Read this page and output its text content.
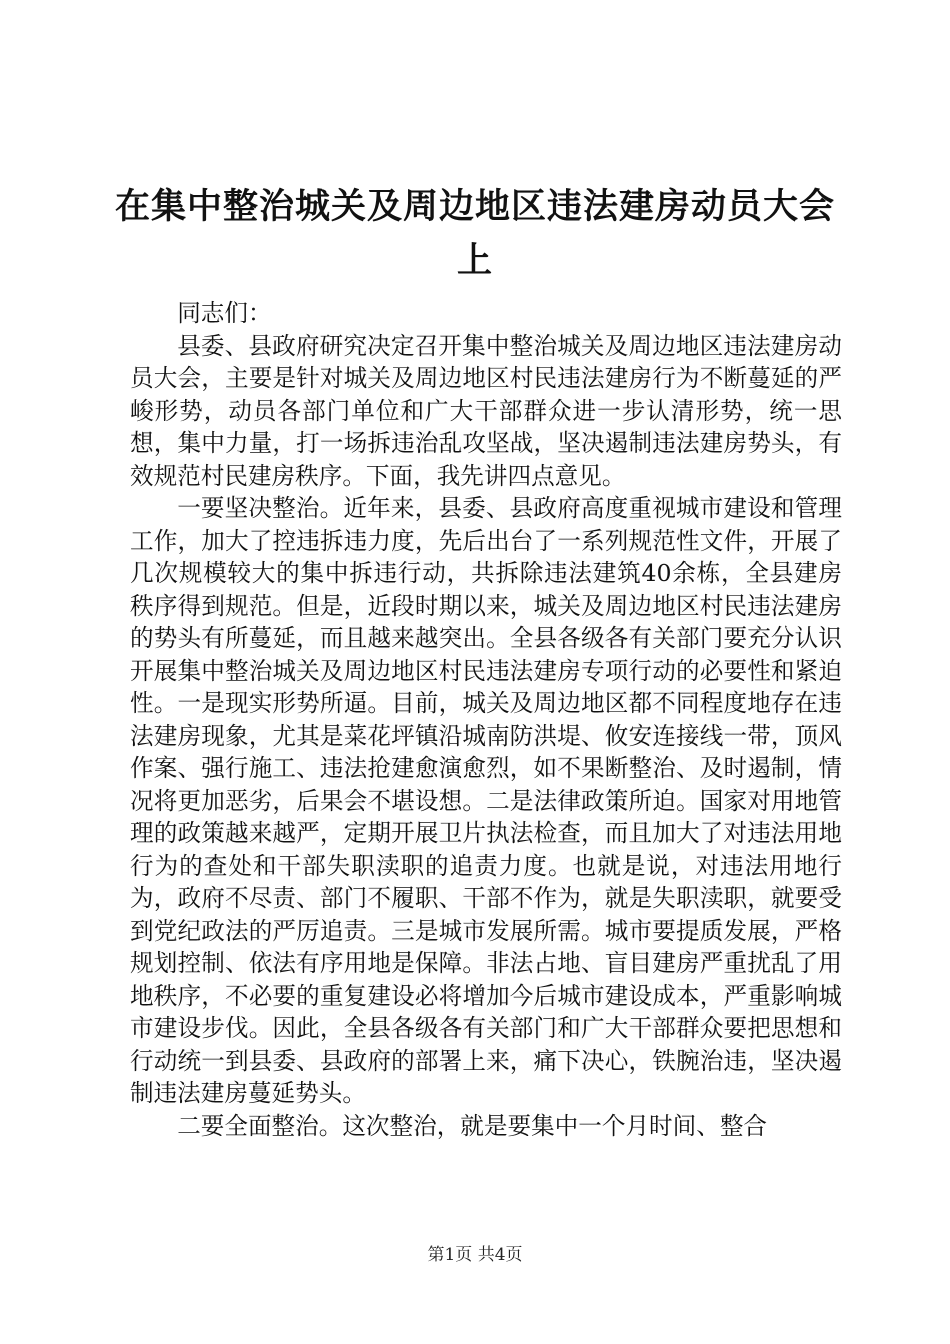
在集中整治城关及周边地区违法建房动员大会上

同志们：

县委、县政府研究决定召开集中整治城关及周边地区违法建房动员大会，主要是针对城关及周边地区村民违法建房行为不断蔓延的严峻形势，动员各部门单位和广大干部群众进一步认清形势，统一思想，集中力量，打一场拆违治乱攻坚战，坚决遏制违法建房势头，有效规范村民建房秩序。下面，我先讲四点意见。

一要坚决整治。近年来，县委、县政府高度重视城市建设和管理工作，加大了控违拆违力度，先后出台了一系列规范性文件，开展了几次规模较大的集中拆违行动，共拆除违法建筑40余栋，全县建房秩序得到规范。但是，近段时期以来，城关及周边地区村民违法建房的势头有所蔓延，而且越来越突出。全县各级各有关部门要充分认识开展集中整治城关及周边地区村民违法建房专项行动的必要性和紧迫性。一是现实形势所逼。目前，城关及周边地区都不同程度地存在违法建房现象，尤其是菜花坪镇沿城南防洪堤、攸安连接线一带，顶风作案、强行施工、违法抢建愈演愈烈，如不果断整治、及时遏制，情况将更加恶劣，后果会不堪设想。二是法律政策所迫。国家对用地管理的政策越来越严，定期开展卫片执法检查，而且加大了对违法用地行为的查处和干部失职渎职的追责力度。也就是说，对违法用地行为，政府不尽责、部门不履职、干部不作为，就是失职渎职，就要受到党纪政法的严厉追责。三是城市发展所需。城市要提质发展，严格规划控制、依法有序用地是保障。非法占地、盲目建房严重扰乱了用地秩序，不必要的重复建设必将增加今后城市建设成本，严重影响城市建设步伐。因此，全县各级各有关部门和广大干部群众要把思想和行动统一到县委、县政府的部署上来，痛下决心，铁腕治违，坚决遏制违法建房蔓延势头。

二要全面整治。这次整治，就是要集中一个月时间、整合

第1页 共4页
